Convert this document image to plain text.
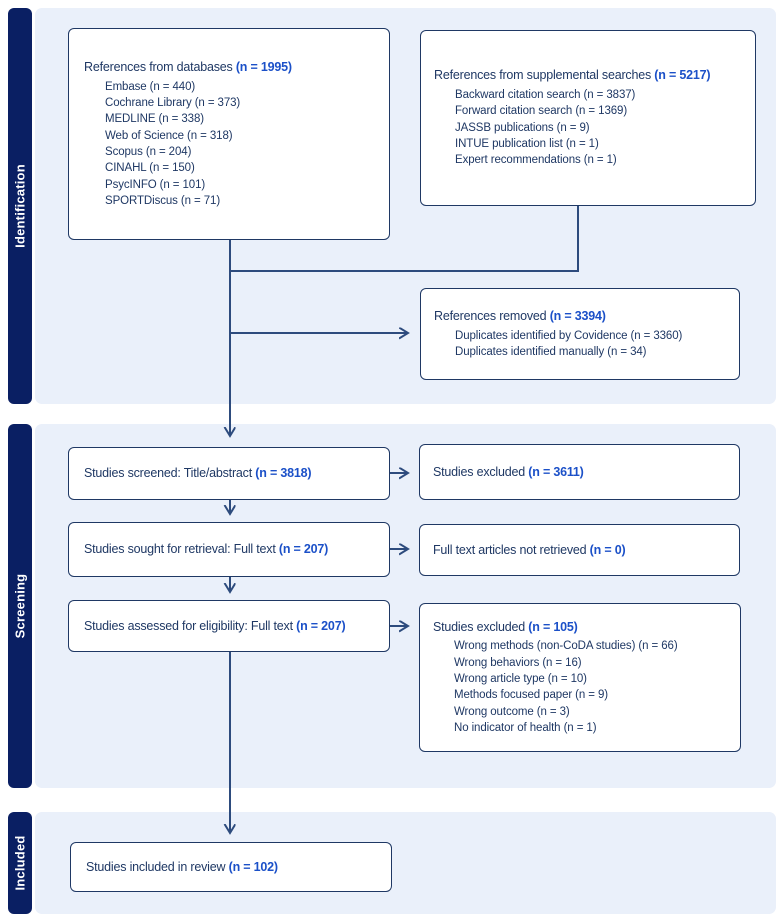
Identification
Screening
Included
References from databases (n = 1995)
Embase (n = 440)
Cochrane Library (n = 373)
MEDLINE (n = 338)
Web of Science (n = 318)
Scopus (n = 204)
CINAHL (n = 150)
PsycINFO (n = 101)
SPORTDiscus (n = 71)
References from supplemental searches (n = 5217)
Backward citation search (n = 3837)
Forward citation search (n = 1369)
JASSB publications (n = 9)
INTUE publication list (n = 1)
Expert recommendations (n = 1)
References removed (n = 3394)
Duplicates identified by Covidence (n = 3360)
Duplicates identified manually (n = 34)
Studies screened: Title/abstract (n = 3818)	Studies excluded (n = 3611)
Studies sought for retrieval: Full text (n = 207)	Full text articles not retrieved (n = 0)
Studies assessed for eligibility: Full text (n = 207)	Studies excluded (n = 105)
Wrong methods (non-CoDA studies) (n = 66)
Wrong behaviors (n = 16)
Wrong article type (n = 10)
Methods focused paper (n = 9)
Wrong outcome (n = 3)
No indicator of health (n = 1)
Studies included in review (n = 102)
